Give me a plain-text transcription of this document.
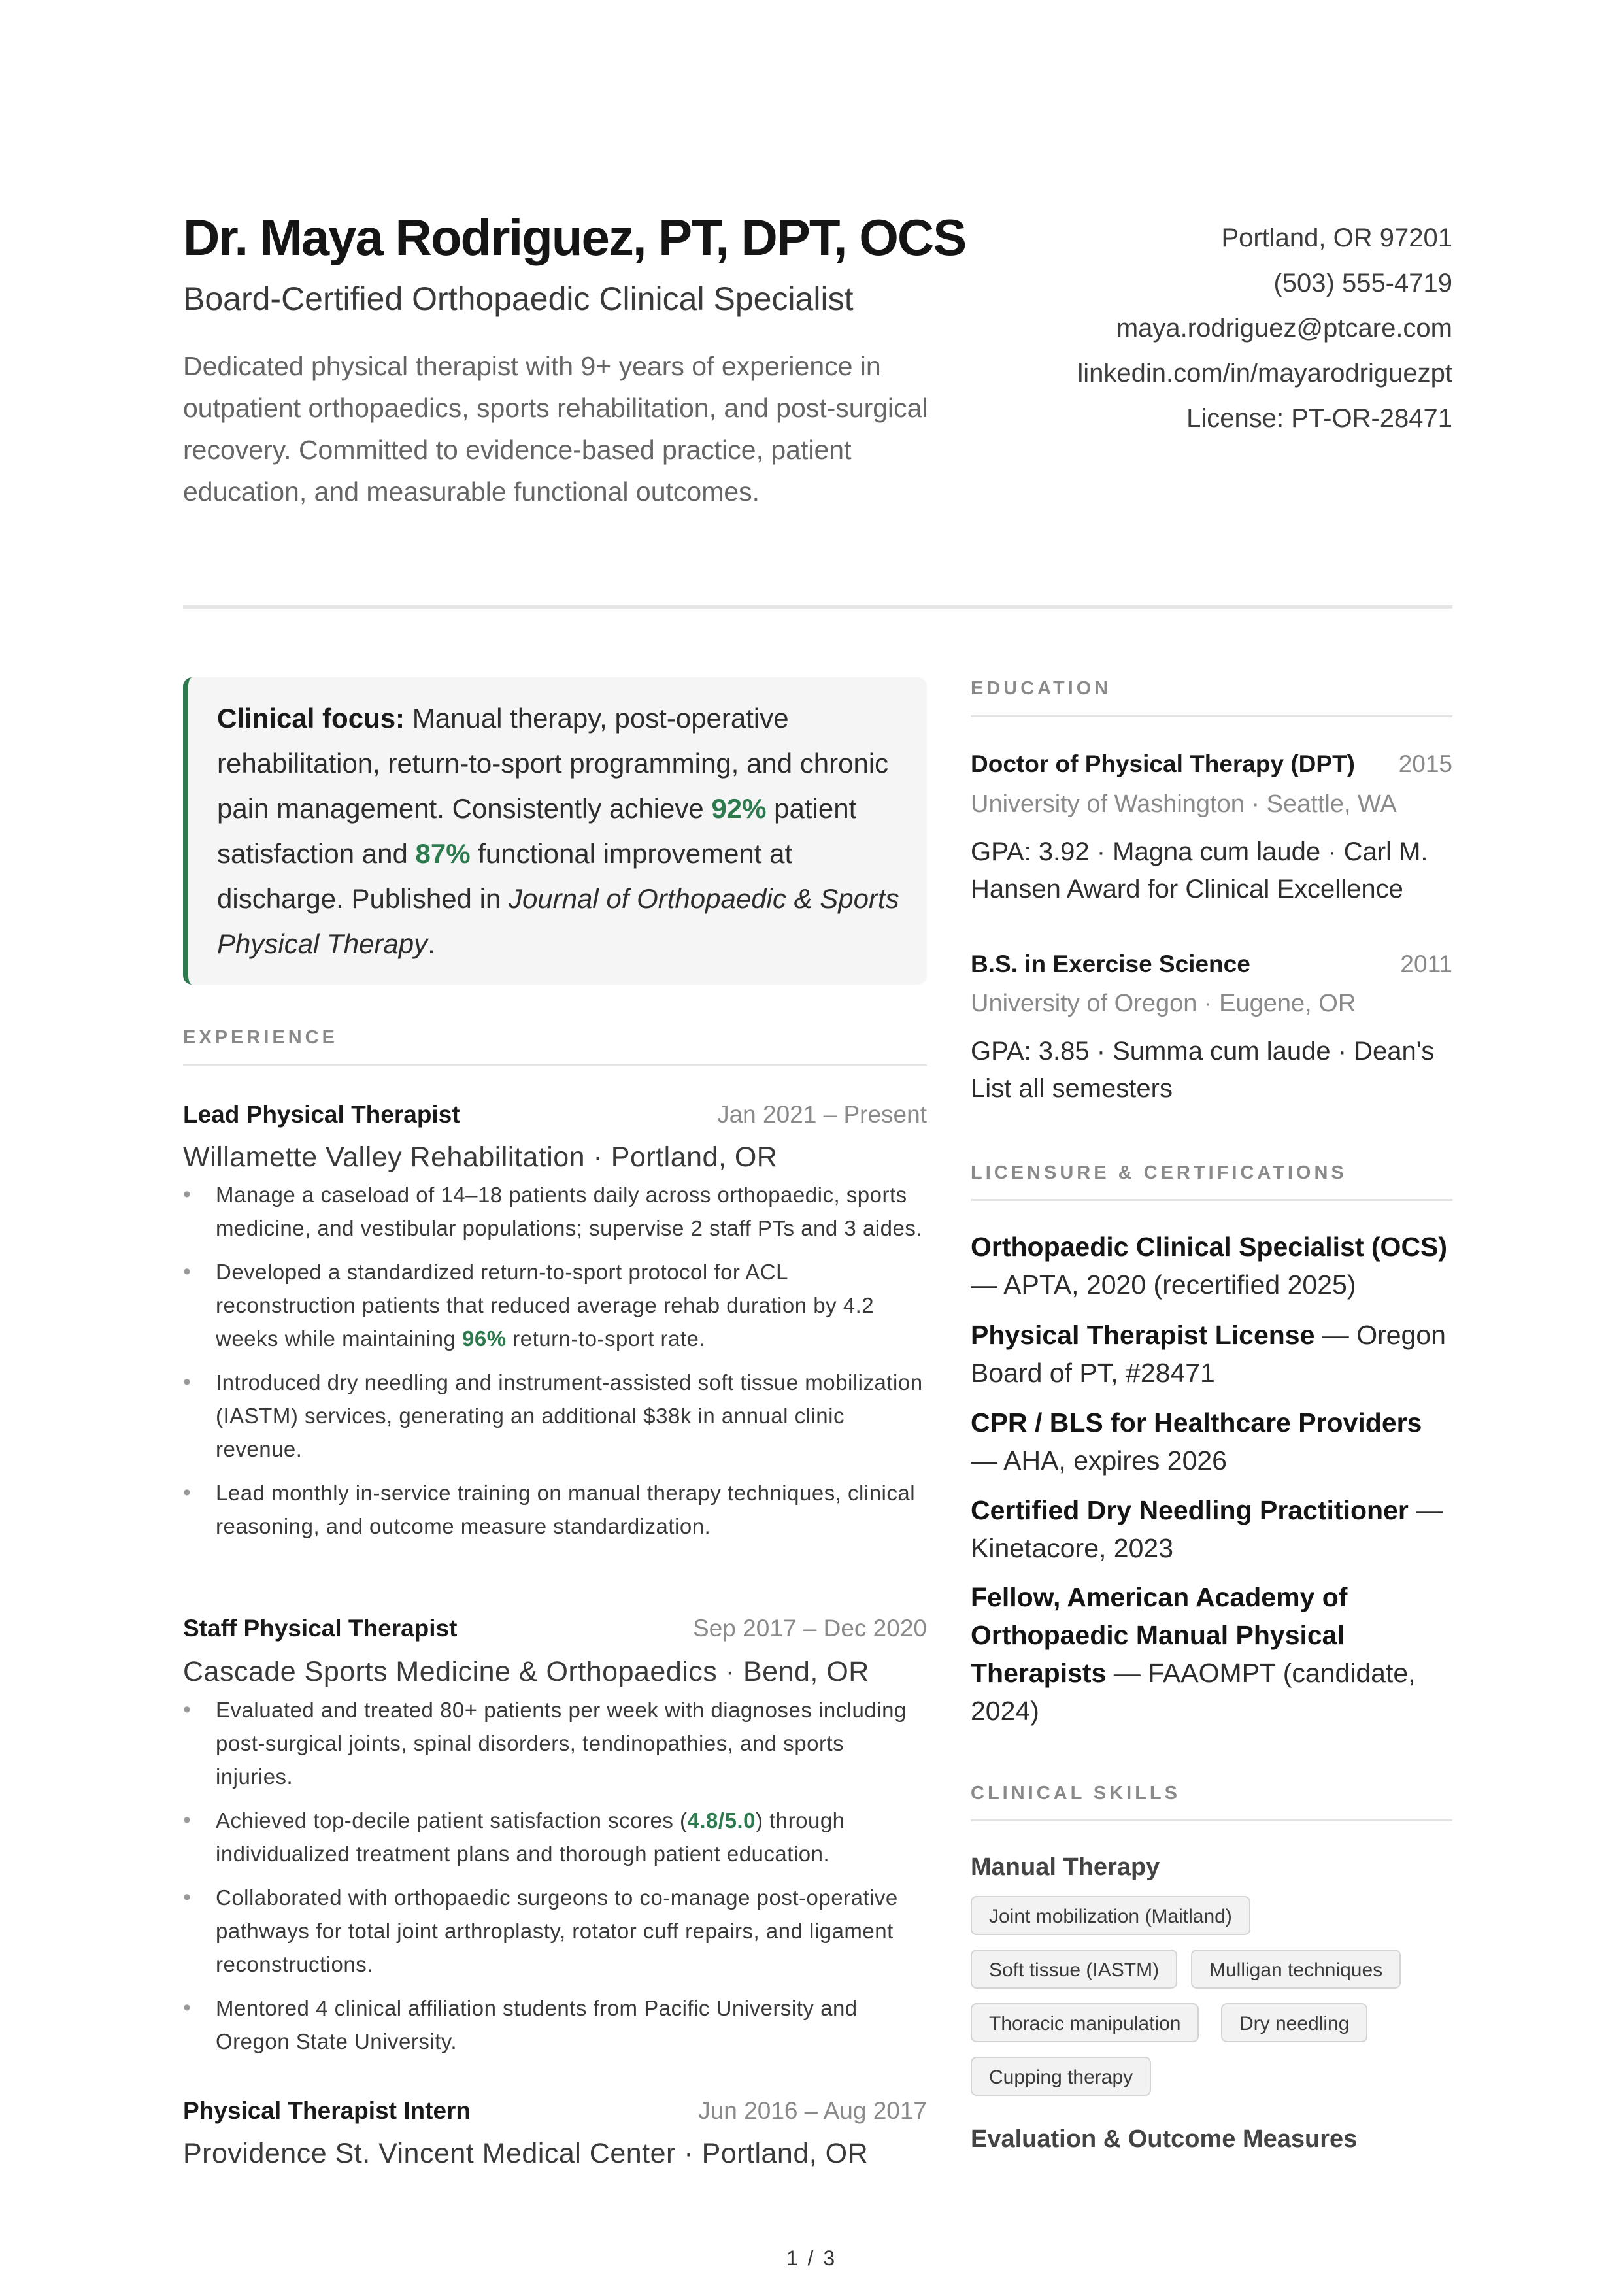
Dr. Maya Rodriguez, PT, DPT, OCS
Board-Certified Orthopaedic Clinical Specialist
Dedicated physical therapist with 9+ years of experience in outpatient orthopaedics, sports rehabilitation, and post-surgical recovery. Committed to evidence-based practice, patient education, and measurable functional outcomes.
Portland, OR 97201
(503) 555-4719
maya.rodriguez@ptcare.com
linkedin.com/in/mayarodriguezpt
License: PT-OR-28471
Clinical focus: Manual therapy, post-operative rehabilitation, return-to-sport programming, and chronic pain management. Consistently achieve 92% patient satisfaction and 87% functional improvement at discharge. Published in Journal of Orthopaedic & Sports Physical Therapy.
EXPERIENCE
Lead Physical Therapist	Jan 2021 – Present
Willamette Valley Rehabilitation · Portland, OR
• Manage a caseload of 14–18 patients daily across orthopaedic, sports medicine, and vestibular populations; supervise 2 staff PTs and 3 aides.
• Developed a standardized return-to-sport protocol for ACL reconstruction patients that reduced average rehab duration by 4.2 weeks while maintaining 96% return-to-sport rate.
• Introduced dry needling and instrument-assisted soft tissue mobilization (IASTM) services, generating an additional $38k in annual clinic revenue.
• Lead monthly in-service training on manual therapy techniques, clinical reasoning, and outcome measure standardization.
Staff Physical Therapist	Sep 2017 – Dec 2020
Cascade Sports Medicine & Orthopaedics · Bend, OR
• Evaluated and treated 80+ patients per week with diagnoses including post-surgical joints, spinal disorders, tendinopathies, and sports injuries.
• Achieved top-decile patient satisfaction scores (4.8/5.0) through individualized treatment plans and thorough patient education.
• Collaborated with orthopaedic surgeons to co-manage post-operative pathways for total joint arthroplasty, rotator cuff repairs, and ligament reconstructions.
• Mentored 4 clinical affiliation students from Pacific University and Oregon State University.
Physical Therapist Intern	Jun 2016 – Aug 2017
Providence St. Vincent Medical Center · Portland, OR
EDUCATION
Doctor of Physical Therapy (DPT) 2015
University of Washington · Seattle, WA
GPA: 3.92 · Magna cum laude · Carl M. Hansen Award for Clinical Excellence
B.S. in Exercise Science	2011
University of Oregon · Eugene, OR
GPA: 3.85 · Summa cum laude · Dean's List all semesters
LICENSURE & CERTIFICATIONS
Orthopaedic Clinical Specialist (OCS) — APTA, 2020 (recertified 2025)
Physical Therapist License — Oregon Board of PT, #28471
CPR / BLS for Healthcare Providers — AHA, expires 2026
Certified Dry Needling Practitioner — Kinetacore, 2023
Fellow, American Academy of Orthopaedic Manual Physical Therapists — FAAOMPT (candidate, 2024)
CLINICAL SKILLS
Manual Therapy
Joint mobilization (Maitland)
Soft tissue (IASTM)	Mulligan techniques
Thoracic manipulation	Dry needling
Cupping therapy
Evaluation & Outcome Measures
1 / 3
